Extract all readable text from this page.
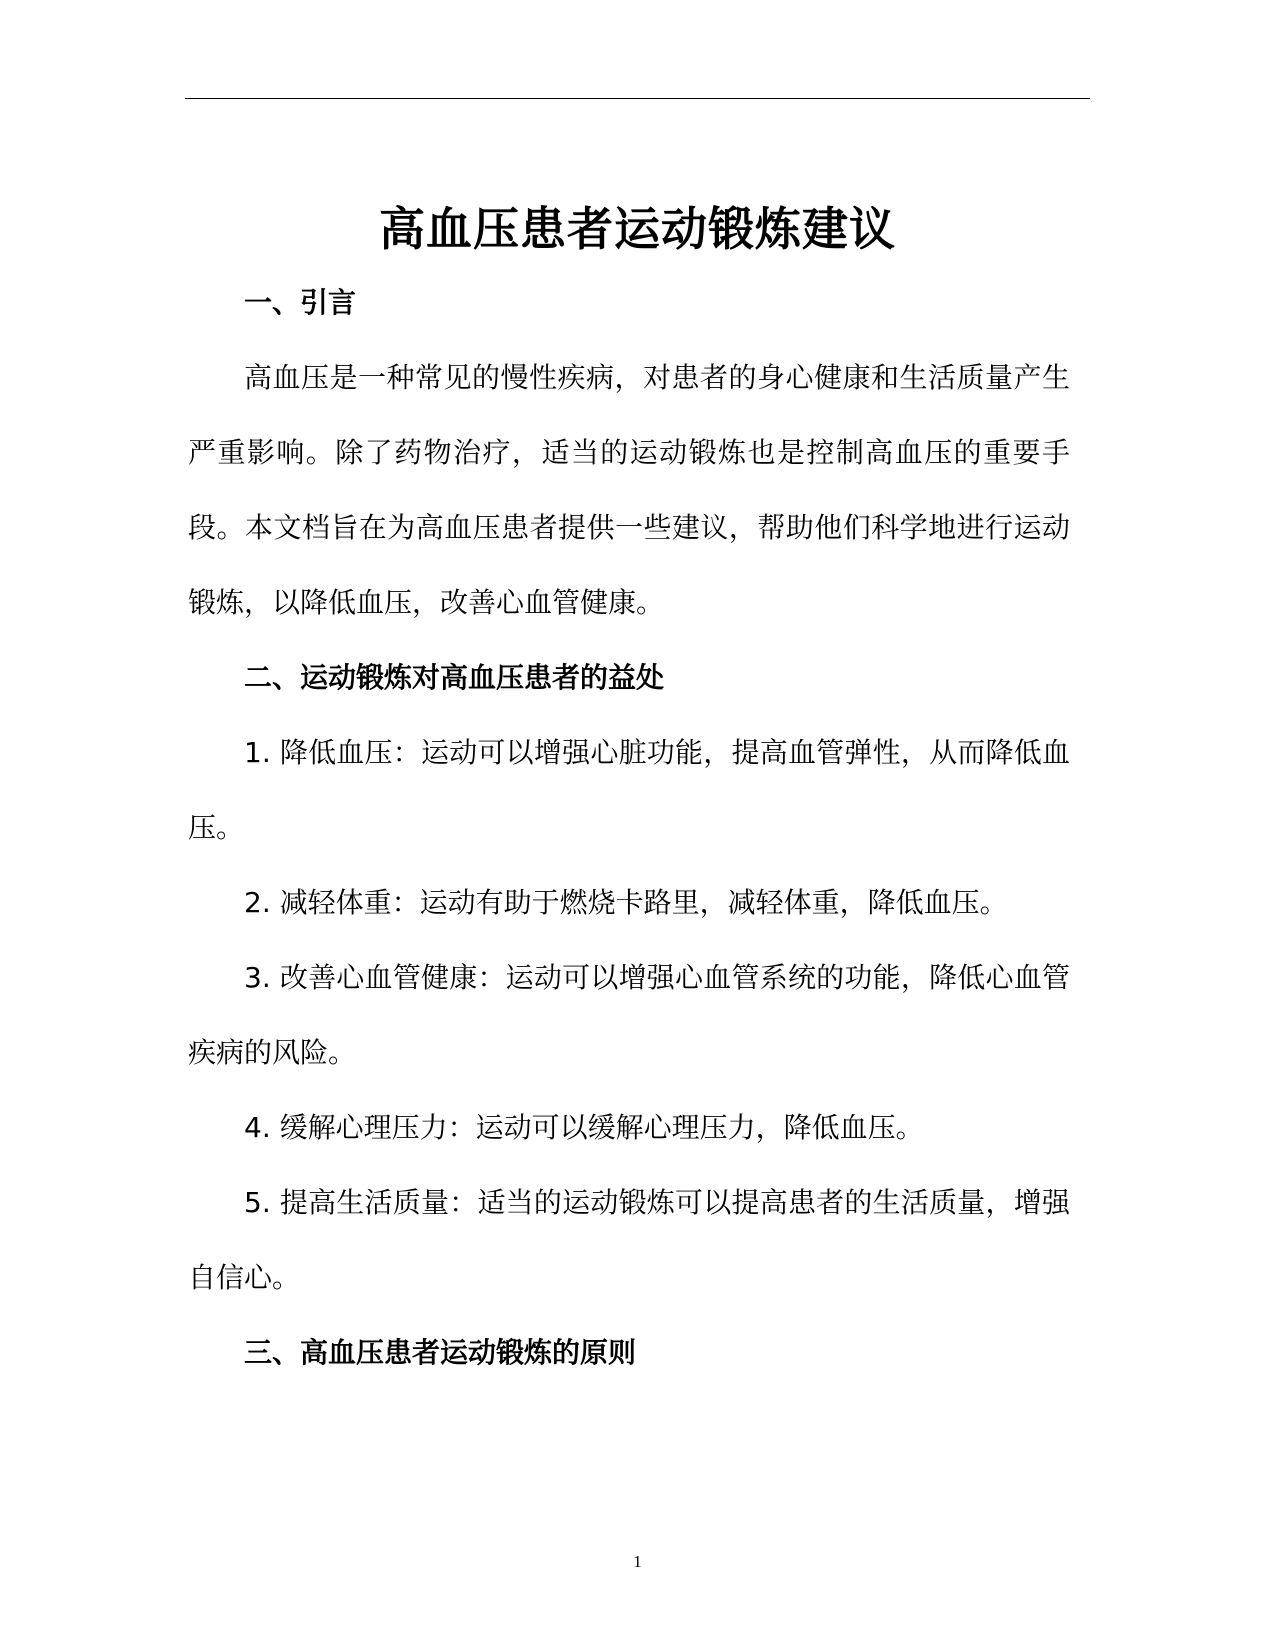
高血压患者运动锻炼建议

一、引言

高血压是一种常见的慢性疾病，对患者的身心健康和生活质量产生严重影响。除了药物治疗，适当的运动锻炼也是控制高血压的重要手段。本文档旨在为高血压患者提供一些建议，帮助他们科学地进行运动锻炼，以降低血压，改善心血管健康。

二、运动锻炼对高血压患者的益处

1. 降低血压：运动可以增强心脏功能，提高血管弹性，从而降低血压。

2. 减轻体重：运动有助于燃烧卡路里，减轻体重，降低血压。

3. 改善心血管健康：运动可以增强心血管系统的功能，降低心血管疾病的风险。

4. 缓解心理压力：运动可以缓解心理压力，降低血压。

5. 提高生活质量：适当的运动锻炼可以提高患者的生活质量，增强自信心。

三、高血压患者运动锻炼的原则

1
